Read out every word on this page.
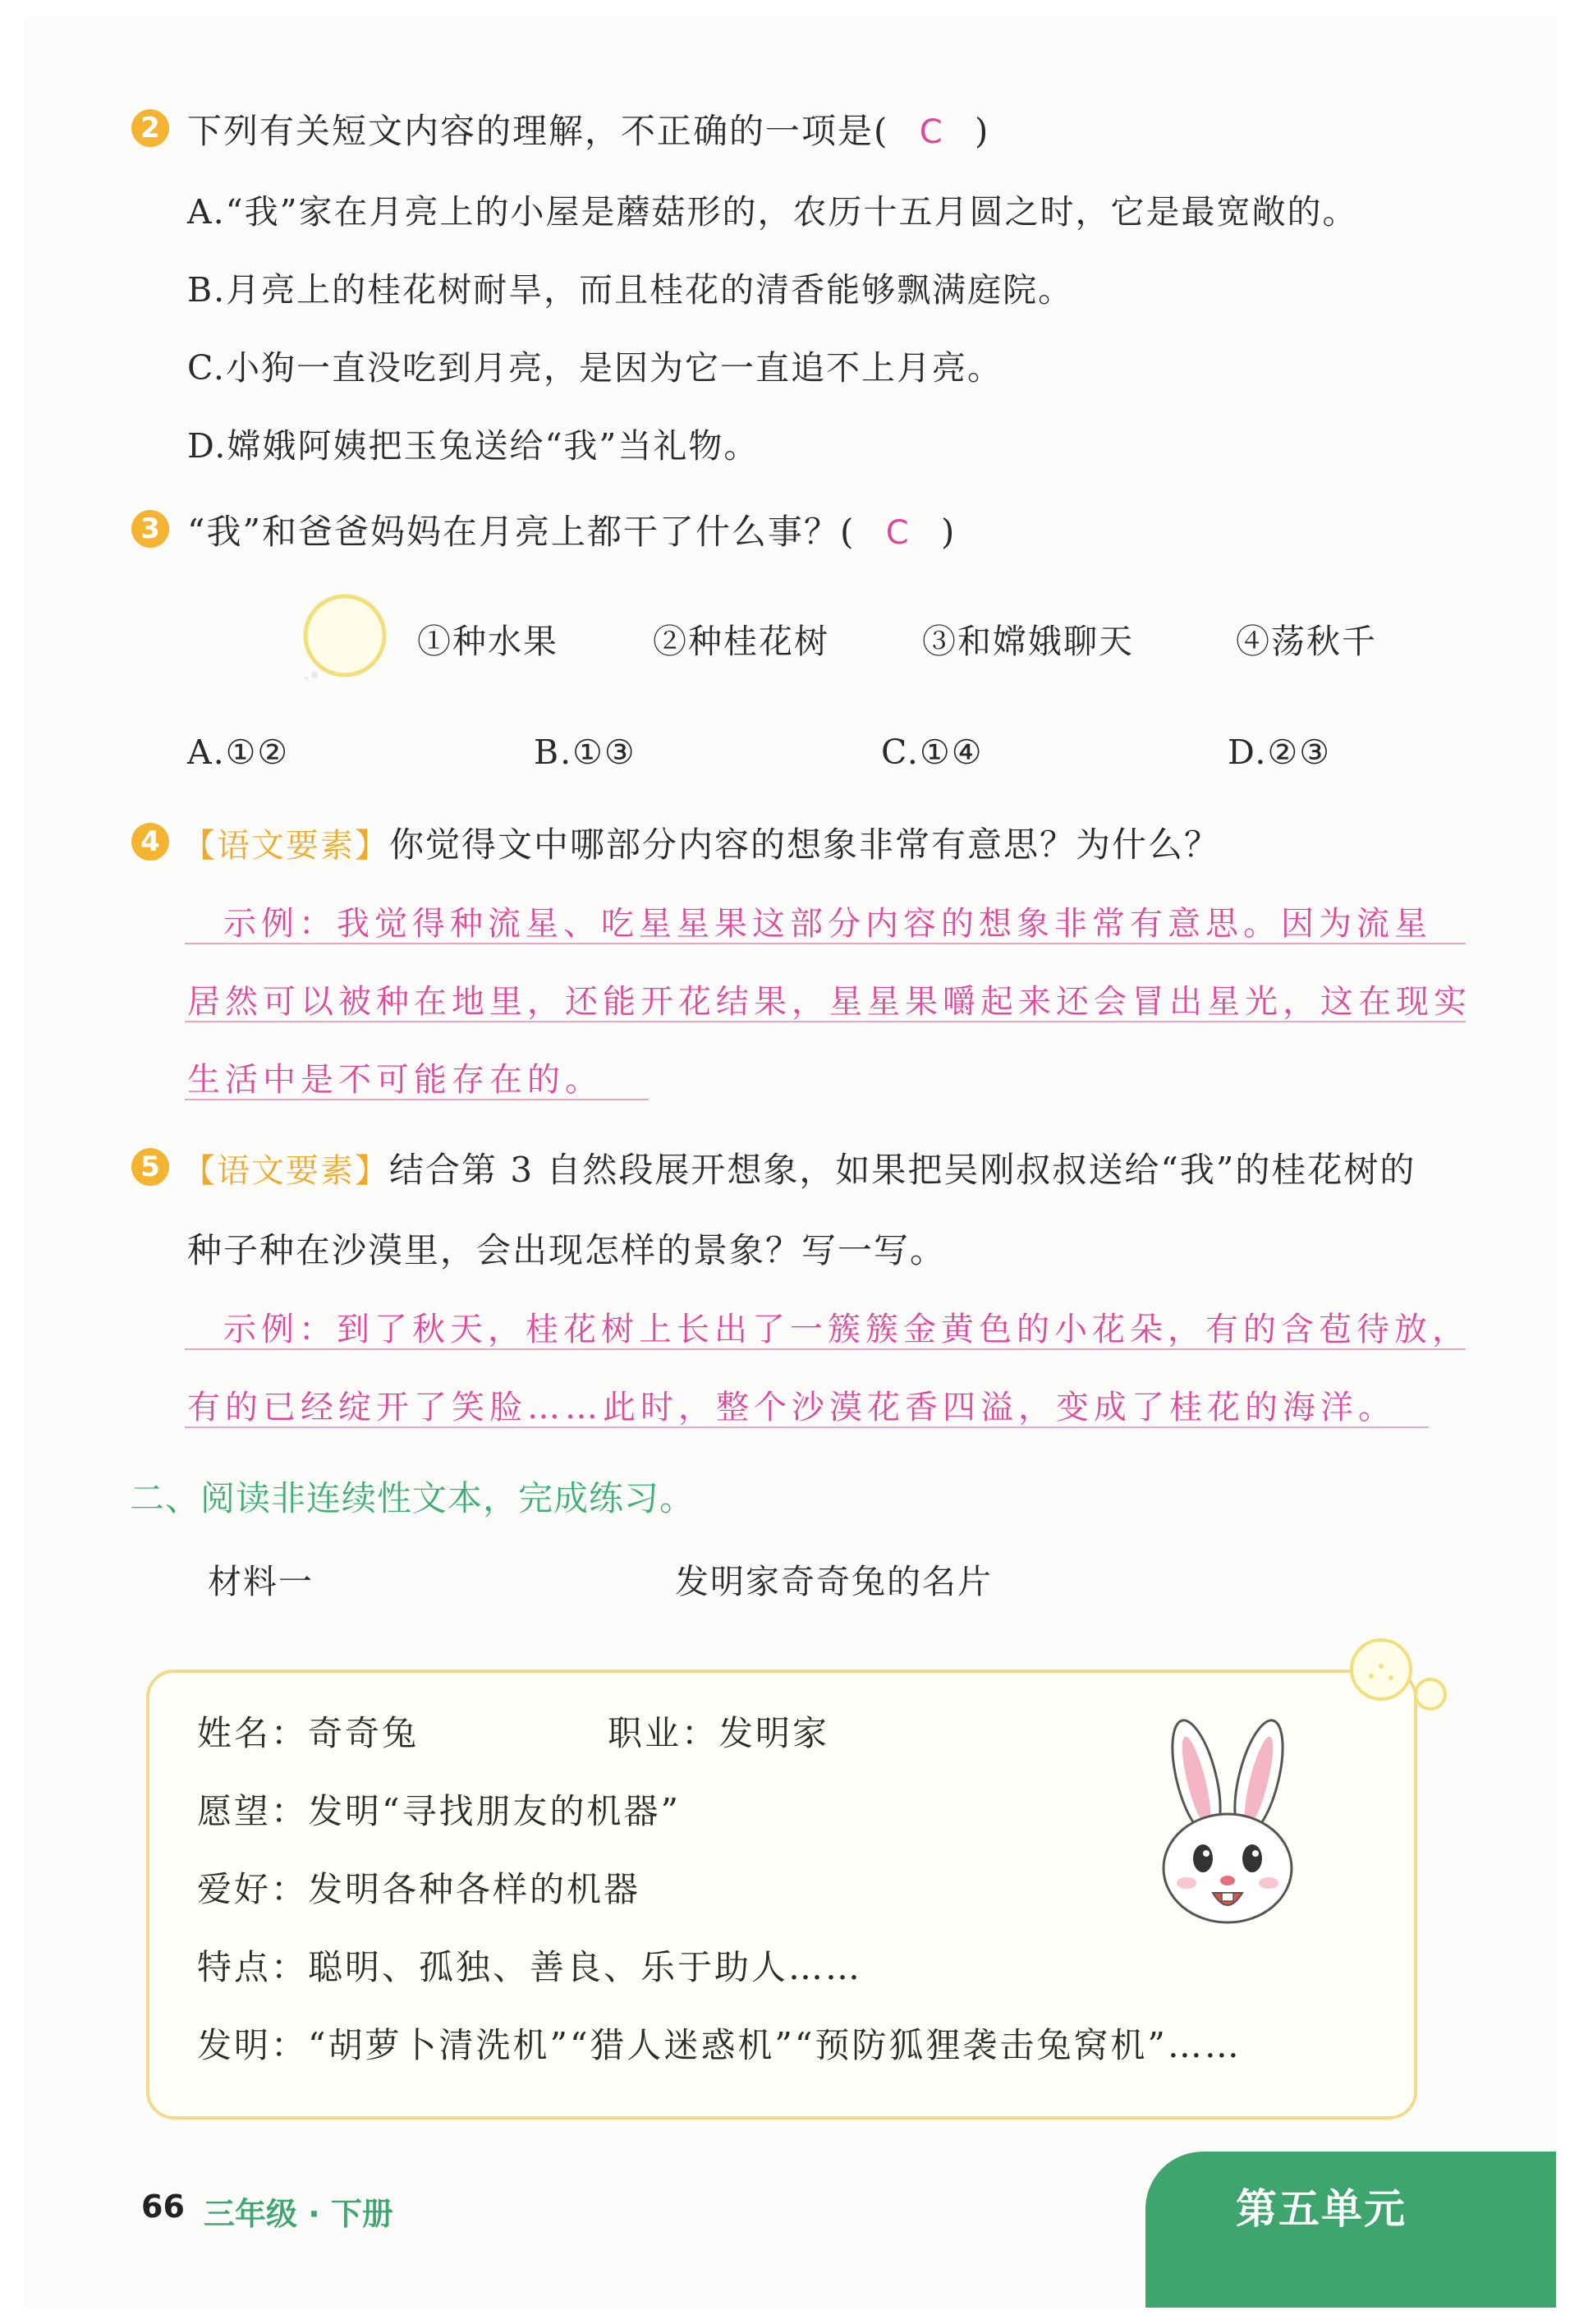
2 下列有关短文内容的理解，不正确的一项是( C )
A.“我”家在月亮上的小屋是蘑菇形的，农历十五月圆之时，它是最宽敞的。
B.月亮上的桂花树耐旱，而且桂花的清香能够飘满庭院。
C.小狗一直没吃到月亮，是因为它一直追不上月亮。
D.嫦娥阿姨把玉兔送给“我”当礼物。
3 “我”和爸爸妈妈在月亮上都干了什么事？( C )
①种水果	②种桂花树	③和嫦娥聊天	④荡秋千
A.①②	B.①③	C.①④	D.②③
4 【语文要素】你觉得文中哪部分内容的想象非常有意思？为什么？
示例：我觉得种流星、吃星星果这部分内容的想象非常有意思。因为流星
居然可以被种在地里，还能开花结果，星星果嚼起来还会冒出星光，这在现实
生活中是不可能存在的。
5 【语文要素】结合第 3 自然段展开想象，如果把吴刚叔叔送给“我”的桂花树的
种子种在沙漠里，会出现怎样的景象？写一写。
示例：到了秋天，桂花树上长出了一簇簇金黄色的小花朵，有的含苞待放，
有的已经绽开了笑脸……此时，整个沙漠花香四溢，变成了桂花的海洋。
二、阅读非连续性文本，完成练习。
材料一	发明家奇奇兔的名片
姓名：奇奇兔	职业：发明家
愿望：发明“寻找朋友的机器”
爱好：发明各种各样的机器
特点：聪明、孤独、善良、乐于助人……
发明：“胡萝卜清洗机”“猎人迷惑机”“预防狐狸袭击兔窝机”……
66 三年级 · 下册	第五单元
